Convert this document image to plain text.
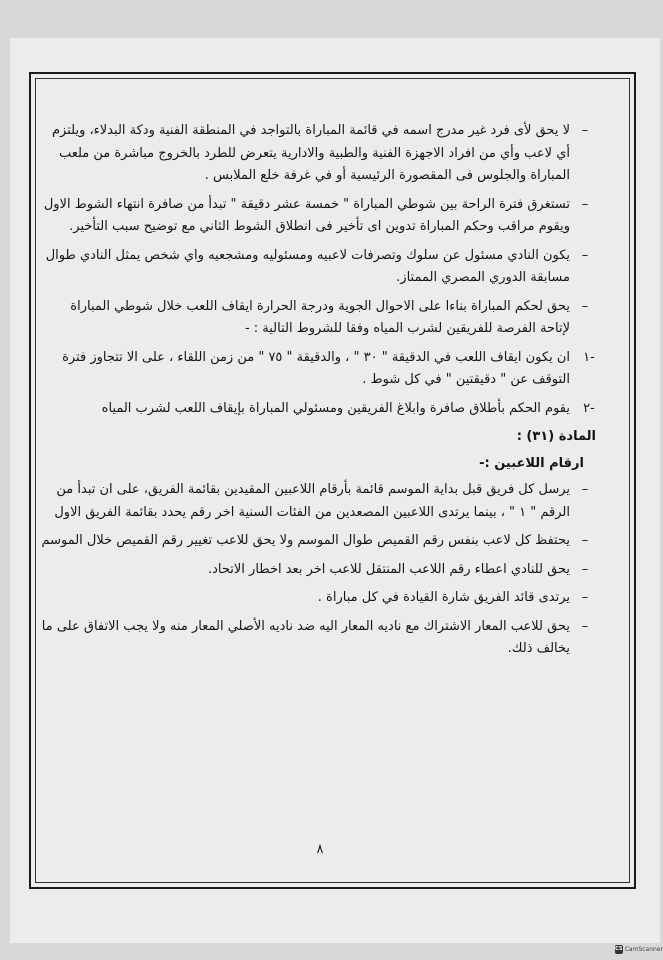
–
لا يحق لأى فرد غير مدرج اسمه في قائمة المباراة بالتواجد في المنطقة الفنية ودكة البدلاء، ويلتزم أي لاعب وأي من افراد الاجهزة الفنية والطبية والادارية يتعرض للطرد بالخروج مباشرة من ملعب المباراة والجلوس فى المقصورة الرئيسية أو في غرفة خلع الملابس .
–
تستغرق فترة الراحة بين شوطي المباراة " خمسة عشر دقيقة " تبدأ من صافرة انتهاء الشوط الاول ويقوم مراقب وحكم المباراة تدوين اى تأخير فى انطلاق الشوط الثاني مع توضيح سبب التأخير.
–
يكون النادي مسئول عن سلوك وتصرفات لاعبيه ومسئوليه ومشجعيه واي شخص يمثل النادي طوال مسابقة الدوري المصري الممتاز.
–
يحق لحكم المباراة بناءا على الاحوال الجوية ودرجة الحرارة ايقاف اللعب خلال شوطي المباراة لإتاحة الفرصة للفريقين لشرب المياه وفقا للشروط التالية : -
-١
ان يكون ايقاف اللعب في الدقيقة " ٣٠ " ، والدقيقة " ٧٥ " من زمن اللقاء ، على الا تتجاوز فترة التوقف عن " دقيقتين " في كل شوط .
-٢
يقوم الحكم بأطلاق صافرة وابلاغ الفريقين ومسئولي المباراة بإيقاف اللعب لشرب المياه
المادة (٣١) :
ارقام اللاعبين :-
–
يرسل كل فريق قبل بداية الموسم قائمة بأرقام اللاعبين المقيدين بقائمة الفريق، على ان تبدأ من الرقم " ١ " ، بينما يرتدى اللاعبين المصعدين من الفئات السنية اخر رقم يحدد بقائمة الفريق الاول
–
يحتفظ كل لاعب بنفس رقم القميص طوال الموسم ولا يحق للاعب تغيير رقم القميص خلال الموسم
–
يحق للنادي اعطاء رقم اللاعب المنتقل للاعب اخر بعد اخطار الاتحاد.
–
يرتدى قائد الفريق شارة القيادة في كل مباراة .
–
يحق للاعب المعار الاشتراك مع ناديه المعار اليه ضد ناديه الأصلي المعار منه ولا يجب الاتفاق على ما يخالف ذلك.
٨
CS CamScanner
